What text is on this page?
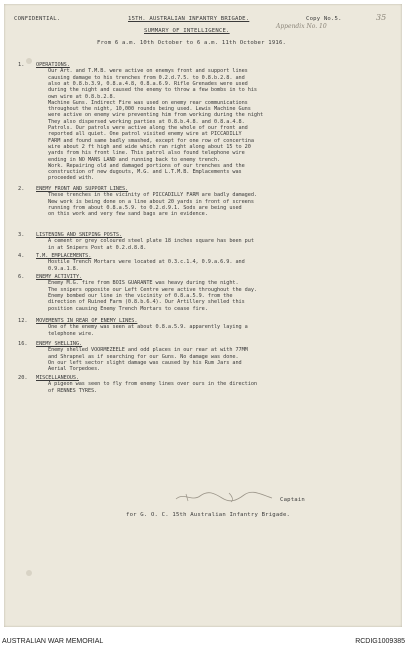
CONFIDENTIAL.	15TH. AUSTRALIAN INFANTRY BRIGADE.	Copy No.5.	35
Appendix No. 10
SUMMARY OF INTELLIGENCE.
From 6 a.m. 10th October to 6 a.m. 11th October 1916.
1. OPERATIONS.
Our Art. and T.M.B. were active on enemys front and support lines
causing damage to his trenches from 0.2.d.7.5. to 0.8.b.2.8. and
also at 0.8.b.3.9, 0.8.a.4.8, 0.8.a.6.9. Rifle Grenades were used
during the night and caused the enemy to throw a few bombs in to his
own wire at 0.8.b.2.8.
Machine Guns. Indirect Fire was used on enemy rear communications
throughout the night, 10,000 rounds being used. Lewis Machine Guns
were active on enemy wire preventing him from working during the night
They also dispersed working parties at 0.8.b.4.8. and 0.8.a.4.8.
Patrols. Our patrols were active along the whole of our front and
reported all quiet. One patrol visited enemy wire at PICCADILLY
FARM and found same badly smashed, except for one row of concertina
wire about 2 ft high and wide which ran right along about 15 to 20
yards from his front line. This patrol also found telephone wire
ending in NO MANS LAND and running back to enemy trench.
Work. Repairing old and damaged portions of our trenches and the
construction of new dugouts, M.G. and L.T.M.B. Emplacements was
proceeded with.
2. ENEMY FRONT AND SUPPORT LINES.
These trenches in the vicinity of PICCADILLY FARM are badly damaged.
New work is being done on a line about 20 yards in front of screens
running from about 0.8.a.5.9. to 0.2.d.9.1. Sods are being used
on this work and very few sand bags are in evidence.
3. LISTENING AND SNIPING POSTS.
A cement or grey coloured steel plate 18 inches square has been put
in at Snipers Post at 0.2.d.8.8.
4. T.M. EMPLACEMENTS.
Hostile Trench Mortars were located at 0.3.c.1.4, 0.9.a.6.9. and
0.9.a.1.8.
6. ENEMY ACTIVITY.
Enemy M.G. fire from BOIS GUARANTE was heavy during the night.
The snipers opposite our Left Centre were active throughout the day.
Enemy bombed our line in the vicinity of 0.8.a.5.9. from the
direction of Ruined Farm (0.8.b.6.4). Our Artillery shelled this
position causing Enemy Trench Mortars to cease fire.
12. MOVEMENTS IN REAR OF ENEMY LINES.
One of the enemy was seen at about 0.8.a.5.9. apparently laying a
telephone wire.
16. ENEMY SHELLING.
Enemy shelled VOORMEZEELE and odd places in our rear at with 77MM
and Shrapnel as if searching for our Guns. No damage was done.
On our left sector slight damage was caused by his Rum Jars and
Aerial Torpedoes.
20. MISCELLANEOUS.
A pigeon was seen to fly from enemy lines over ours in the direction
of RENNES TYRES.
Captain
for G. O. C. 15th Australian Infantry Brigade.
AUSTRALIAN WAR MEMORIAL	RCDIG1009385
